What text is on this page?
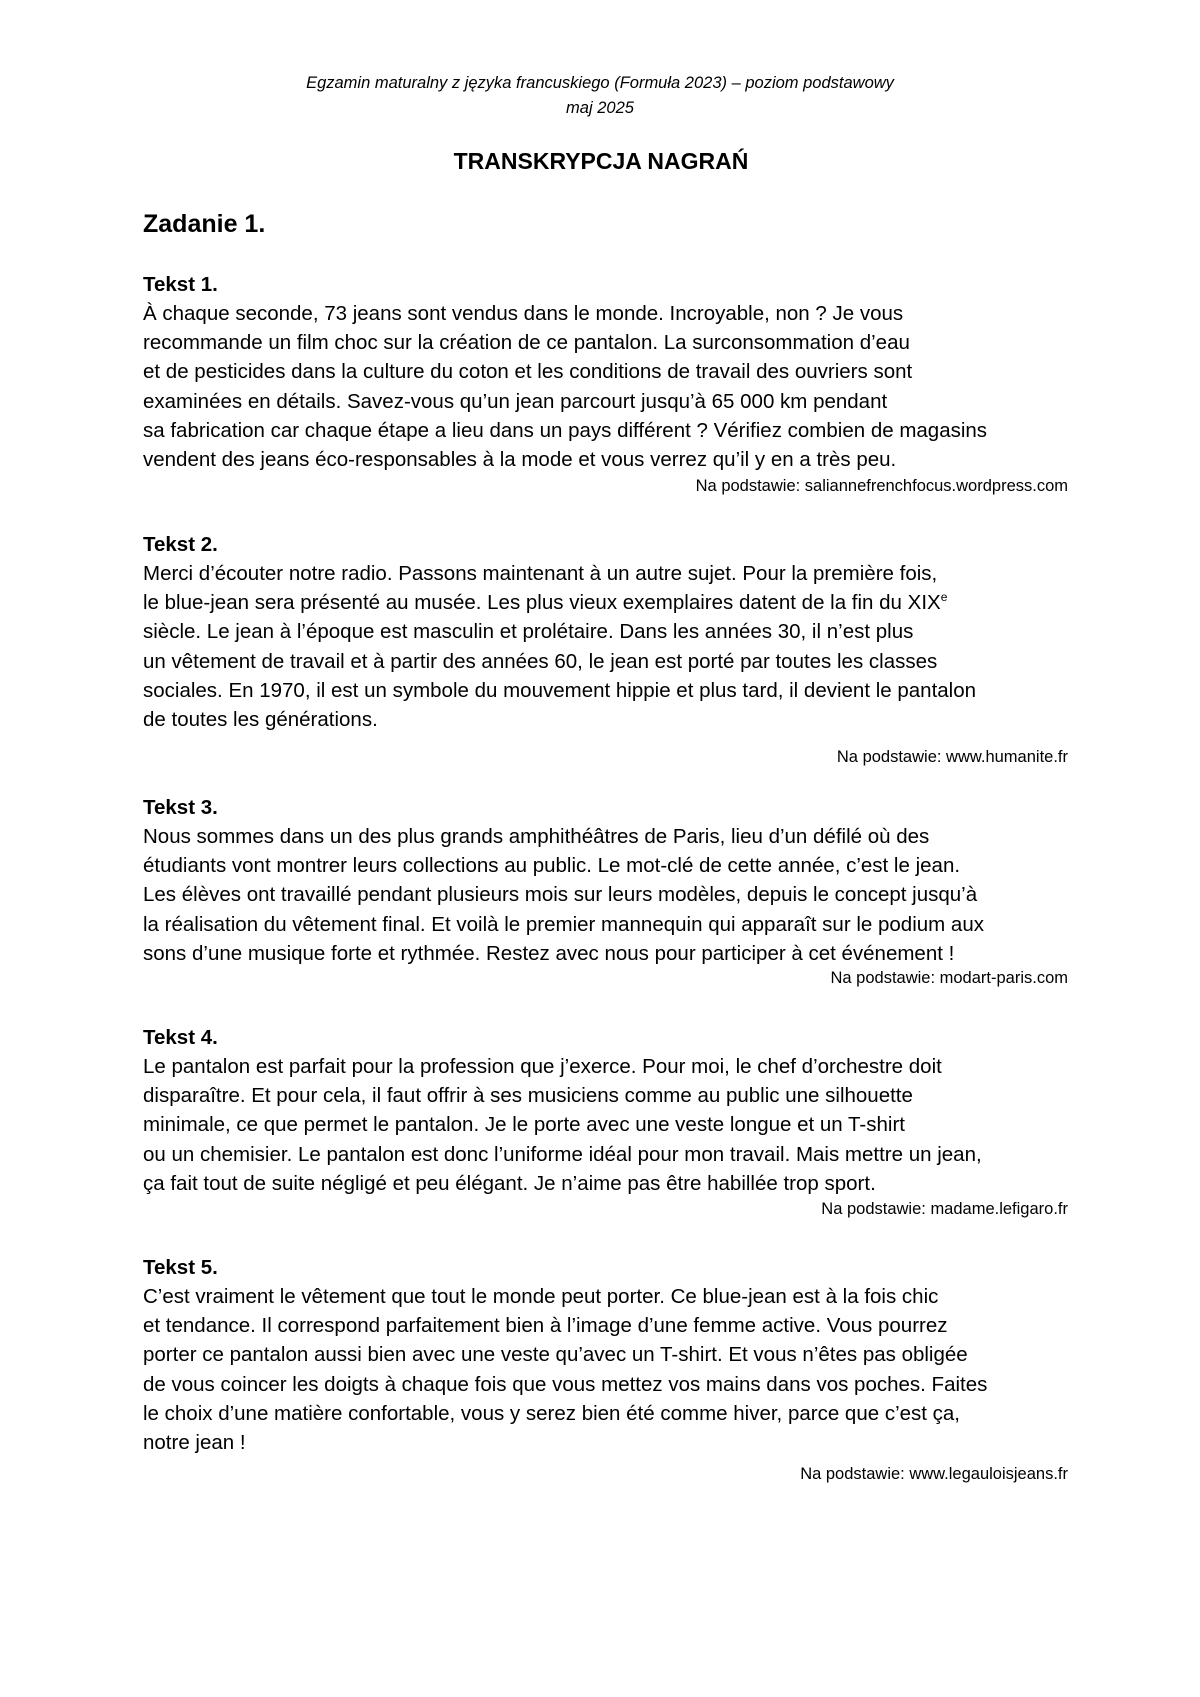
Egzamin maturalny z języka francuskiego (Formuła 2023) – poziom podstawowy
maj 2025
TRANSKRYPCJA NAGRAŃ
Zadanie 1.
Tekst 1.
À chaque seconde, 73 jeans sont vendus dans le monde. Incroyable, non ? Je vous
recommande un film choc sur la création de ce pantalon. La surconsommation d’eau
et de pesticides dans la culture du coton et les conditions de travail des ouvriers sont
examinées en détails. Savez-vous qu’un jean parcourt jusqu’à 65 000 km pendant
sa fabrication car chaque étape a lieu dans un pays différent ? Vérifiez combien de magasins
vendent des jeans éco-responsables à la mode et vous verrez qu’il y en a très peu.
Na podstawie: saliannefrenchfocus.wordpress.com
Tekst 2.
Merci d’écouter notre radio. Passons maintenant à un autre sujet. Pour la première fois,
le blue-jean sera présenté au musée. Les plus vieux exemplaires datent de la fin du XIXe
siècle. Le jean à l’époque est masculin et prolétaire. Dans les années 30, il n’est plus
un vêtement de travail et à partir des années 60, le jean est porté par toutes les classes
sociales. En 1970, il est un symbole du mouvement hippie et plus tard, il devient le pantalon
de toutes les générations.
Na podstawie: www.humanite.fr
Tekst 3.
Nous sommes dans un des plus grands amphithéâtres de Paris, lieu d’un défilé où des
étudiants vont montrer leurs collections au public. Le mot-clé de cette année, c’est le jean.
Les élèves ont travaillé pendant plusieurs mois sur leurs modèles, depuis le concept jusqu’à
la réalisation du vêtement final. Et voilà le premier mannequin qui apparaît sur le podium aux
sons d’une musique forte et rythmée. Restez avec nous pour participer à cet événement !
Na podstawie: modart-paris.com
Tekst 4.
Le pantalon est parfait pour la profession que j’exerce. Pour moi, le chef d’orchestre doit
disparaître. Et pour cela, il faut offrir à ses musiciens comme au public une silhouette
minimale, ce que permet le pantalon. Je le porte avec une veste longue et un T-shirt
ou un chemisier. Le pantalon est donc l’uniforme idéal pour mon travail. Mais mettre un jean,
ça fait tout de suite négligé et peu élégant. Je n’aime pas être habillée trop sport.
Na podstawie: madame.lefigaro.fr
Tekst 5.
C’est vraiment le vêtement que tout le monde peut porter. Ce blue-jean est à la fois chic
et tendance. Il correspond parfaitement bien à l’image d’une femme active. Vous pourrez
porter ce pantalon aussi bien avec une veste qu’avec un T-shirt. Et vous n’êtes pas obligée
de vous coincer les doigts à chaque fois que vous mettez vos mains dans vos poches. Faites
le choix d’une matière confortable, vous y serez bien été comme hiver, parce que c’est ça,
notre jean !
Na podstawie: www.legauloisjeans.fr
